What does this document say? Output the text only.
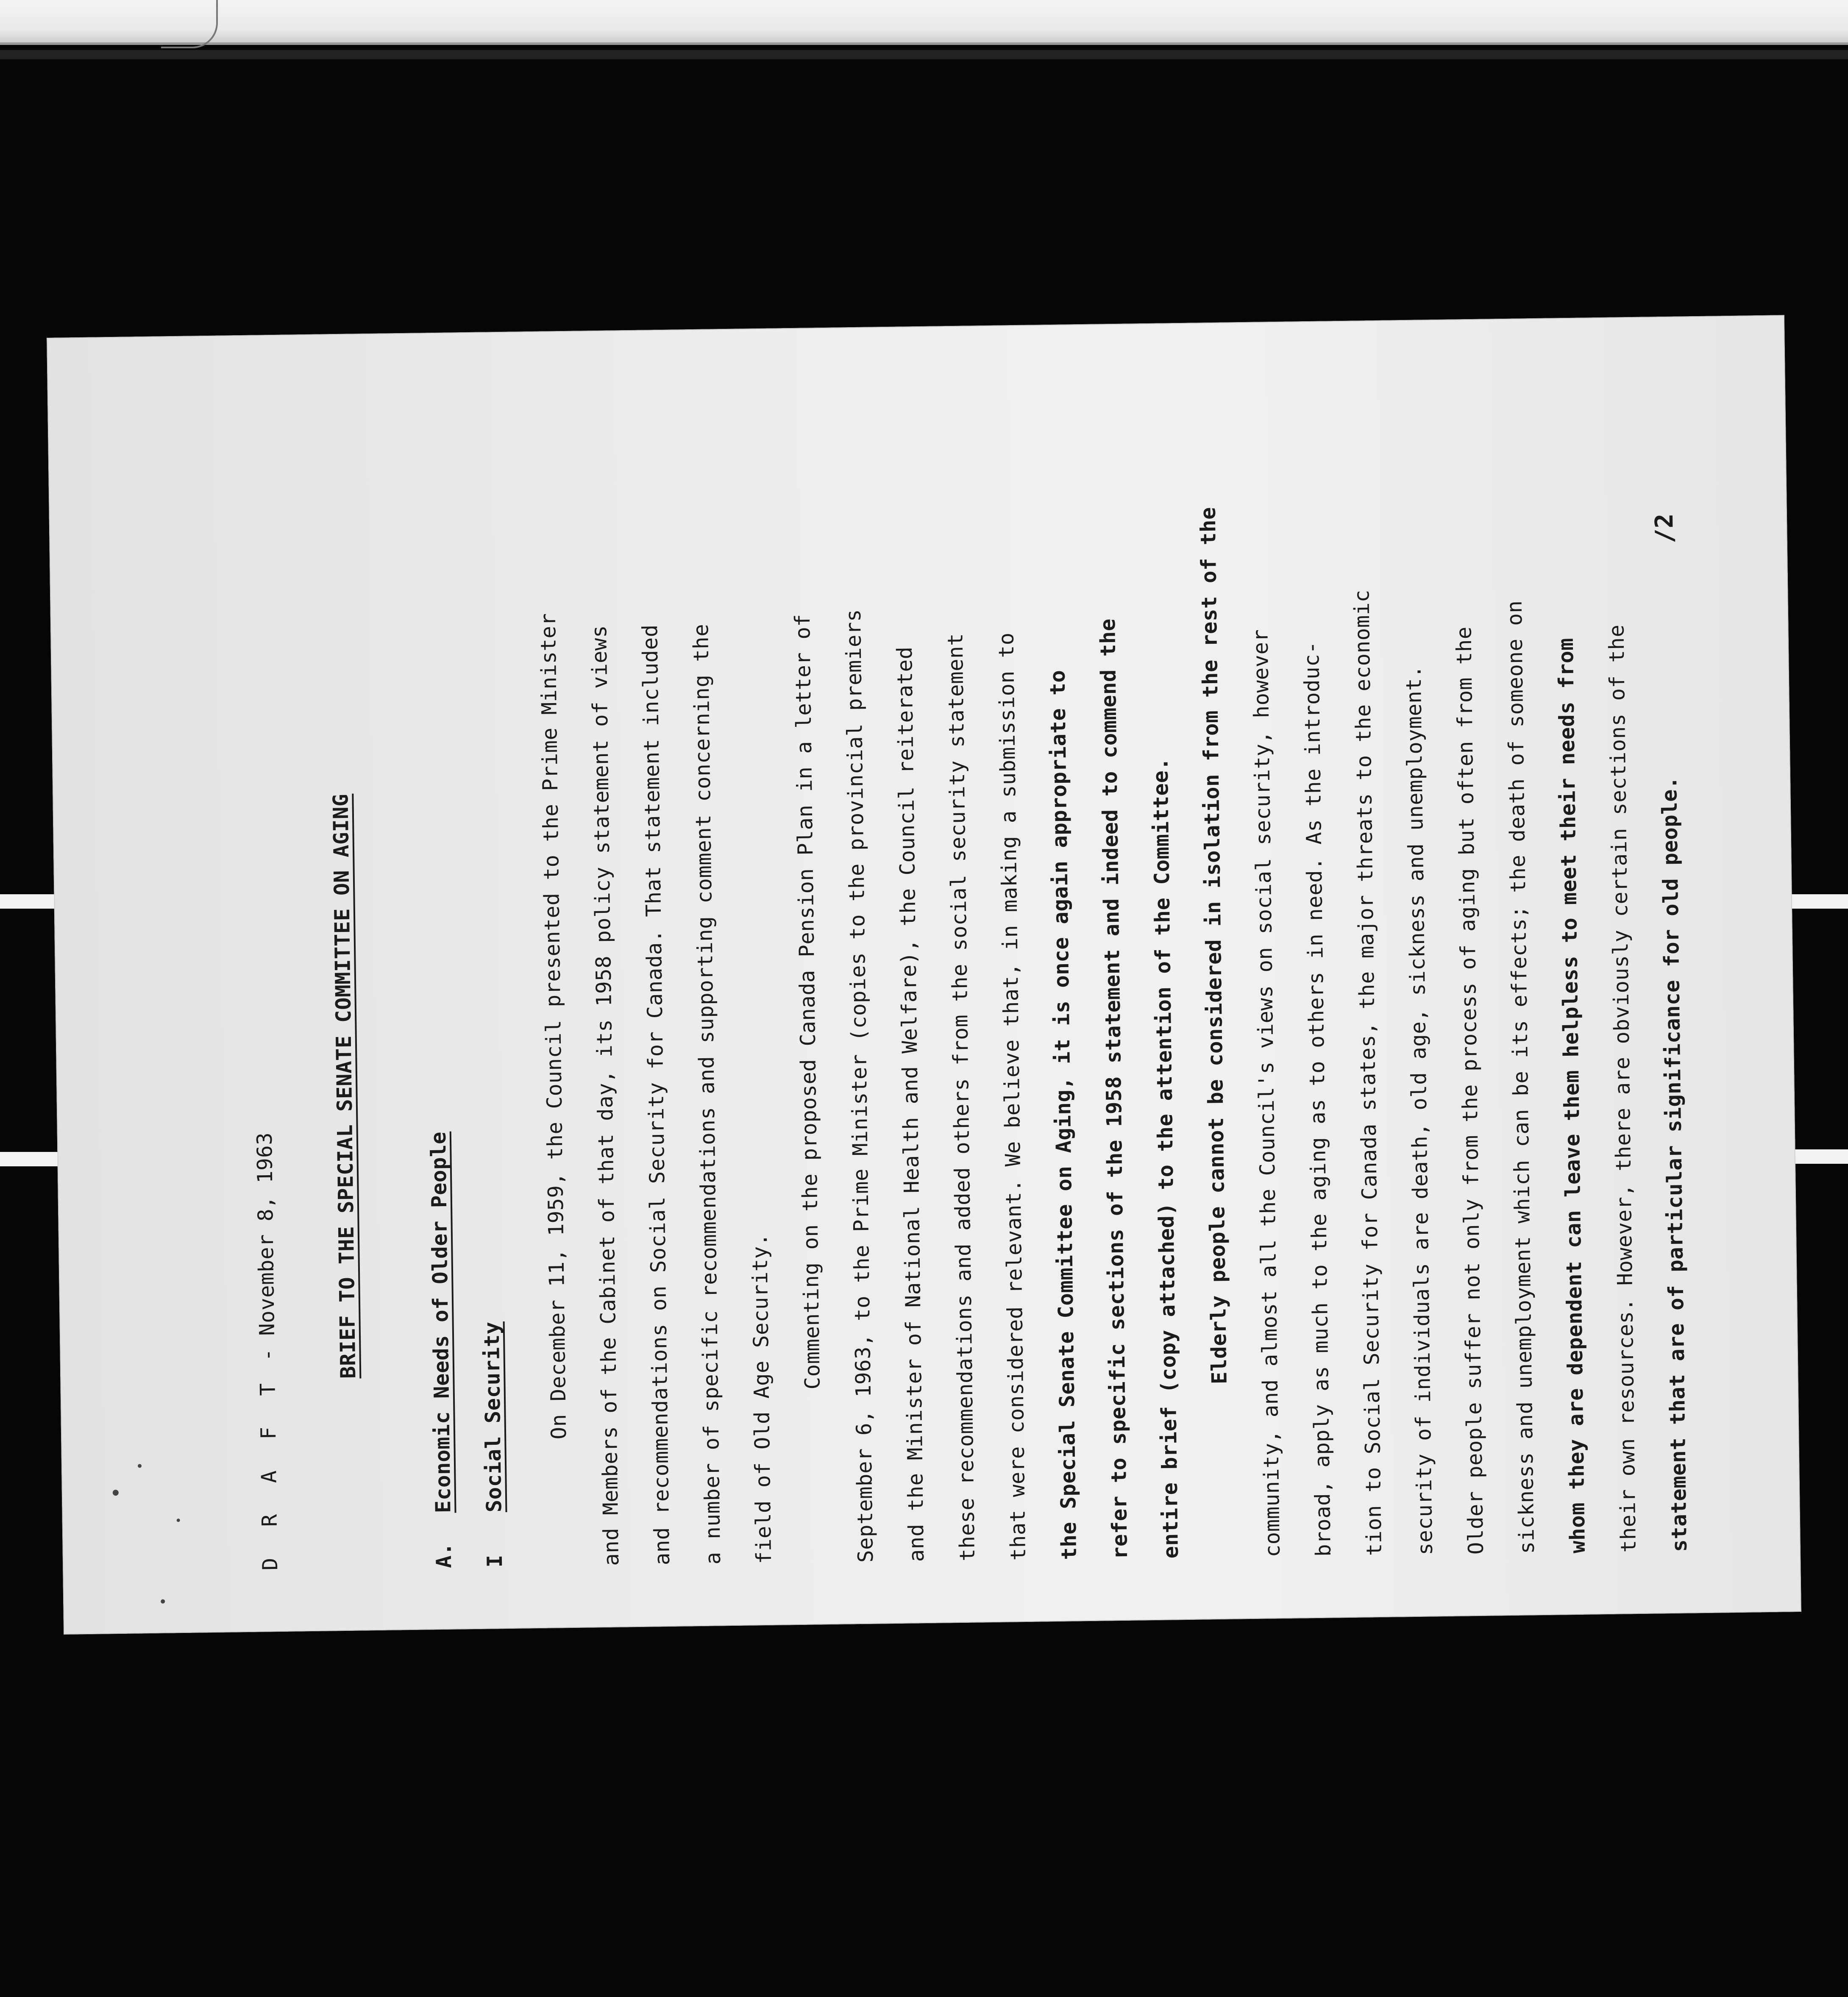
D R A F T - November 8, 1963	BRIEF TO THE SPECIAL SENATE COMMITTEE ON AGING
A. Economic Needs of Older People
I Social Security	On December 11, 1959, the Council presented to the Prime Minister and Members of the Cabinet of that day, its 1958 policy statement of views and recommendations on Social Security for Canada. That statement included a number of specific recommendations and supporting comment concerning the	field of Old Age Security.
Commenting on the proposed Canada Pension Plan in a letter of September 6, 1963, to the Prime Minister (copies to the provincial premiers and the Minister of National Health and Welfare), the Council reiterated these recommendations and added others from the social security statement that were considered relevant. We believe that, in making a submission to the Special Senate Committee on Aging, it is once again appropriate to refer to specific sections of the 1958 statement and indeed to commend the entire brief (copy attached) to the attention of the Committee. Elderly people cannot be considered in isolation from the rest of the community, and almost all the Council's views on social security, however broad, apply as much to the aging as to others in need. As the introduc- tion to Social Security for Canada states, the major threats to the economic security of individuals are death, old age, sickness and unemployment. Older people suffer not only from the process of aging but often from the sickness and unemployment which can be its effects; the death of someone on whom they are dependent can leave them helpless to meet their needs from their own resources. However, there are obviously certain sections of the statement that are of particular significance for old people.
/2
